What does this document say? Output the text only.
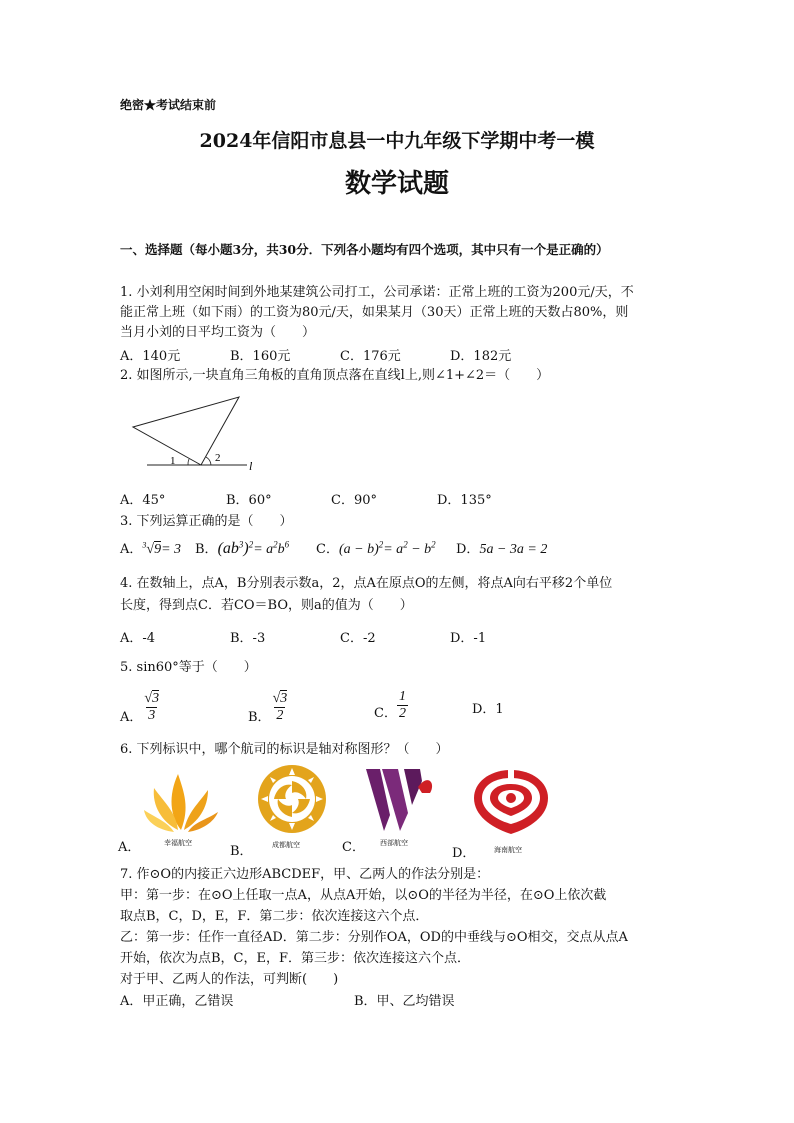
绝密★考试结束前
2024年信阳市息县一中九年级下学期中考一模
数学试题
一、选择题（每小题3分，共30分．下列各小题均有四个选项，其中只有一个是正确的）
1. 小刘利用空闲时间到外地某建筑公司打工，公司承诺：正常上班的工资为200元/天，不
能正常上班（如下雨）的工资为80元/天，如果某月（30天）正常上班的天数占80%，则
当月小刘的日平均工资为（　　）
A．140元	B．160元	C．176元	D．182元
2. 如图所示,一块直角三角板的直角顶点落在直线l上,则∠1+∠2＝（　　）
1	2
l
A．45°	B．60°	C．90°	D．135°
3. 下列运算正确的是（　　）
A．$^3$√9= 3 B．$(ab^3)^2= a^2b^6$ C．$(a - b)^2= a^2 - b^2$ D．5a − 3a = 2
4. 在数轴上，点A，B分别表示数a，2，点A在原点O的左侧，将点A向右平移2个单位
长度，得到点C．若CO＝BO，则a的值为（　　）
A．-4	B．-3	C．-2	D．-1
5. sin60°等于（　　）
A． $\frac{√3}{3}$	B． $\frac{√3}{2}$	C． $\frac{1}{2}$	D．1
6. 下列标识中，哪个航司的标识是轴对称图形？（　　）
A．	幸福航空
B．	成都航空	C． 西部航空
D．	海南航空
7. 作⊙O的内接正六边形ABCDEF，甲、乙两人的作法分别是：
甲：第一步：在⊙O上任取一点A，从点A开始，以⊙O的半径为半径，在⊙O上依次截
取点B，C，D，E，F．第二步：依次连接这六个点．
乙：第一步：任作一直径AD．第二步：分别作OA，OD的中垂线与⊙O相交，交点从点A
开始，依次为点B，C，E，F．第三步：依次连接这六个点．
对于甲、乙两人的作法，可判断(　　)
A．甲正确，乙错误	B．甲、乙均错误
